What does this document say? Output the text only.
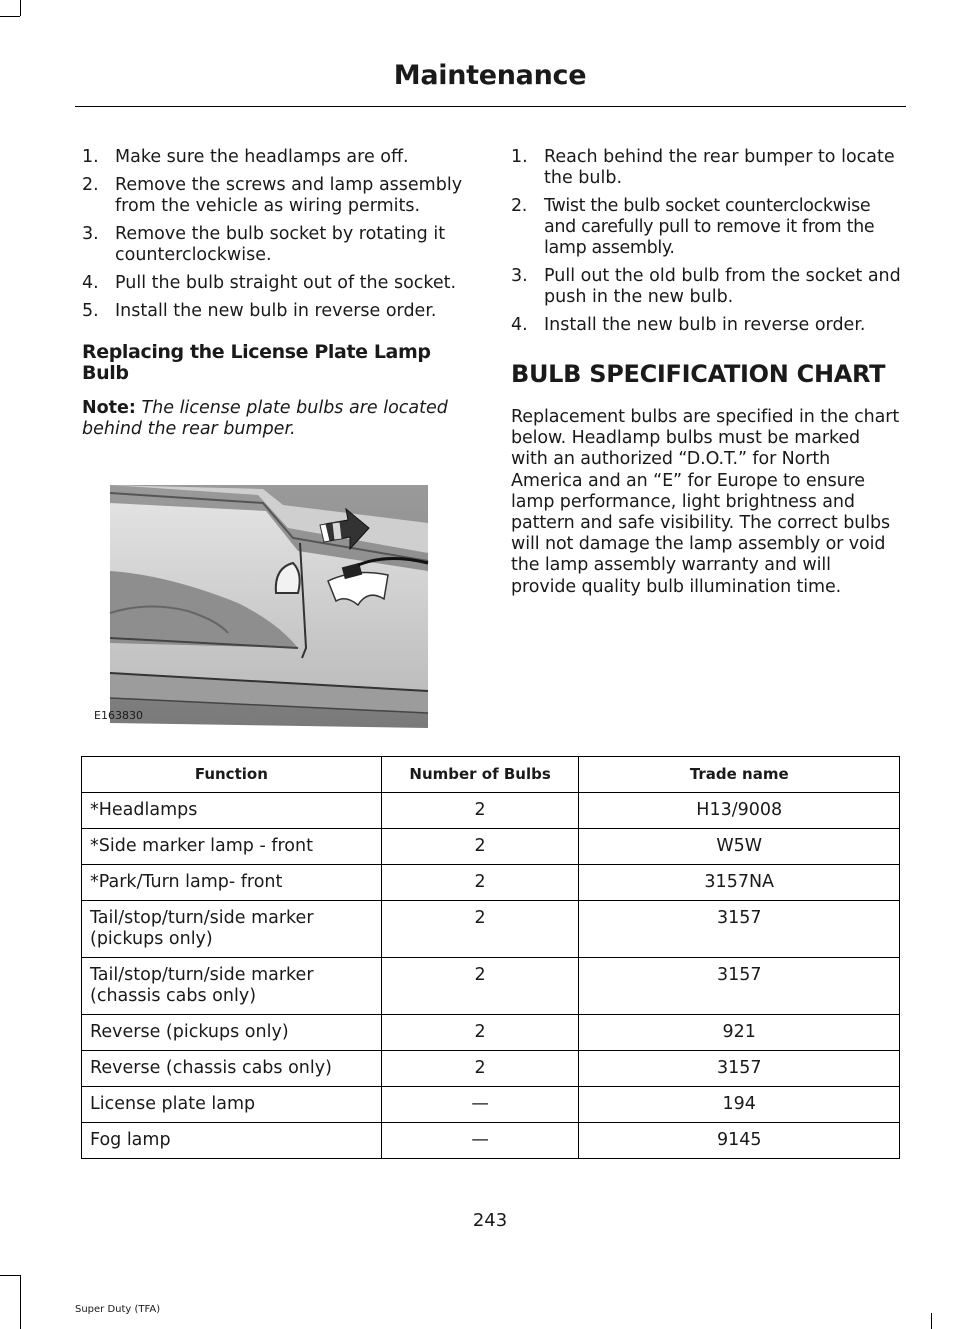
Maintenance
1. Make sure the headlamps are off.
2. Remove the screws and lamp assembly from the vehicle as wiring permits.
3. Remove the bulb socket by rotating it counterclockwise.
4. Pull the bulb straight out of the socket.
5. Install the new bulb in reverse order.
Replacing the License Plate Lamp Bulb

Note: The license plate bulbs are located behind the rear bumper.

E163830
1. Reach behind the rear bumper to locate the bulb.
2. Twist the bulb socket counterclockwise and carefully pull to remove it from the lamp assembly.
3. Pull out the old bulb from the socket and push in the new bulb.
4. Install the new bulb in reverse order.
BULB SPECIFICATION CHART

Replacement bulbs are specified in the chart below. Headlamp bulbs must be marked with an authorized “D.O.T.” for North America and an “E” for Europe to ensure lamp performance, light brightness and pattern and safe visibility. The correct bulbs will not damage the lamp assembly or void the lamp assembly warranty and will provide quality bulb illumination time.

Function	Number of Bulbs	Trade name
*Headlamps	2	H13/9008
*Side marker lamp - front	2	W5W
*Park/Turn lamp- front	2	3157NA
Tail/stop/turn/side marker (pickups only)	2	3157
Tail/stop/turn/side marker (chassis cabs only)	2	3157
Reverse (pickups only)	2	921
Reverse (chassis cabs only)	2	3157
License plate lamp	—	194
Fog lamp	—	9145
243
Super Duty (TFA)
